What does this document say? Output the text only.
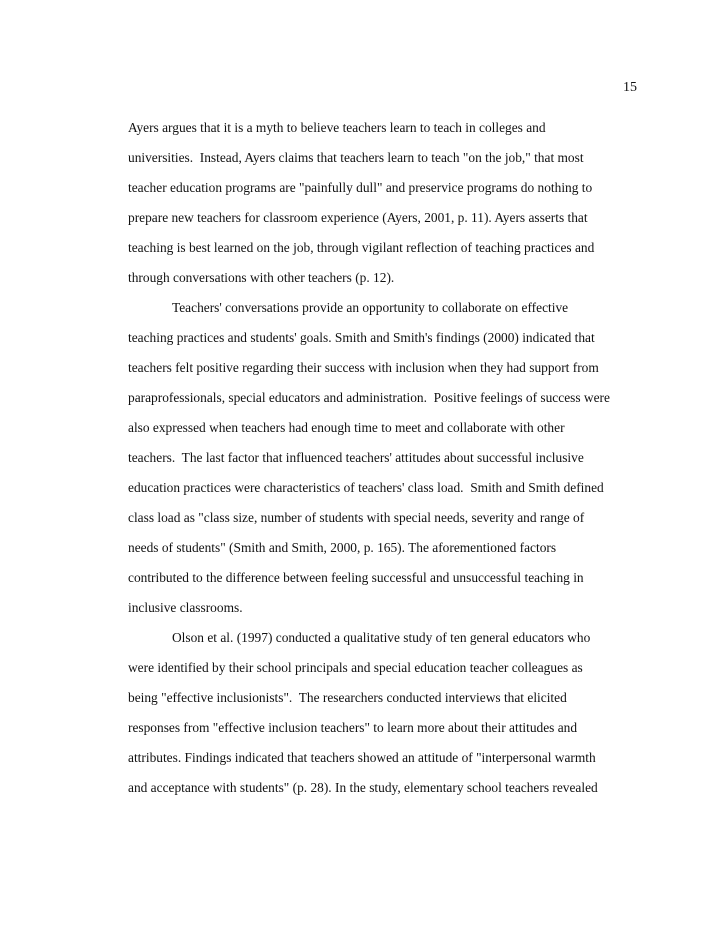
15
Ayers argues that it is a myth to believe teachers learn to teach in colleges and
universities.  Instead, Ayers claims that teachers learn to teach "on the job," that most
teacher education programs are "painfully dull" and preservice programs do nothing to
prepare new teachers for classroom experience (Ayers, 2001, p. 11). Ayers asserts that
teaching is best learned on the job, through vigilant reflection of teaching practices and
through conversations with other teachers (p. 12).
Teachers' conversations provide an opportunity to collaborate on effective
teaching practices and students' goals. Smith and Smith's findings (2000) indicated that
teachers felt positive regarding their success with inclusion when they had support from
paraprofessionals, special educators and administration.  Positive feelings of success were
also expressed when teachers had enough time to meet and collaborate with other
teachers.  The last factor that influenced teachers' attitudes about successful inclusive
education practices were characteristics of teachers' class load.  Smith and Smith defined
class load as "class size, number of students with special needs, severity and range of
needs of students" (Smith and Smith, 2000, p. 165). The aforementioned factors
contributed to the difference between feeling successful and unsuccessful teaching in
inclusive classrooms.
Olson et al. (1997) conducted a qualitative study of ten general educators who
were identified by their school principals and special education teacher colleagues as
being "effective inclusionists".  The researchers conducted interviews that elicited
responses from "effective inclusion teachers" to learn more about their attitudes and
attributes. Findings indicated that teachers showed an attitude of "interpersonal warmth
and acceptance with students" (p. 28). In the study, elementary school teachers revealed
